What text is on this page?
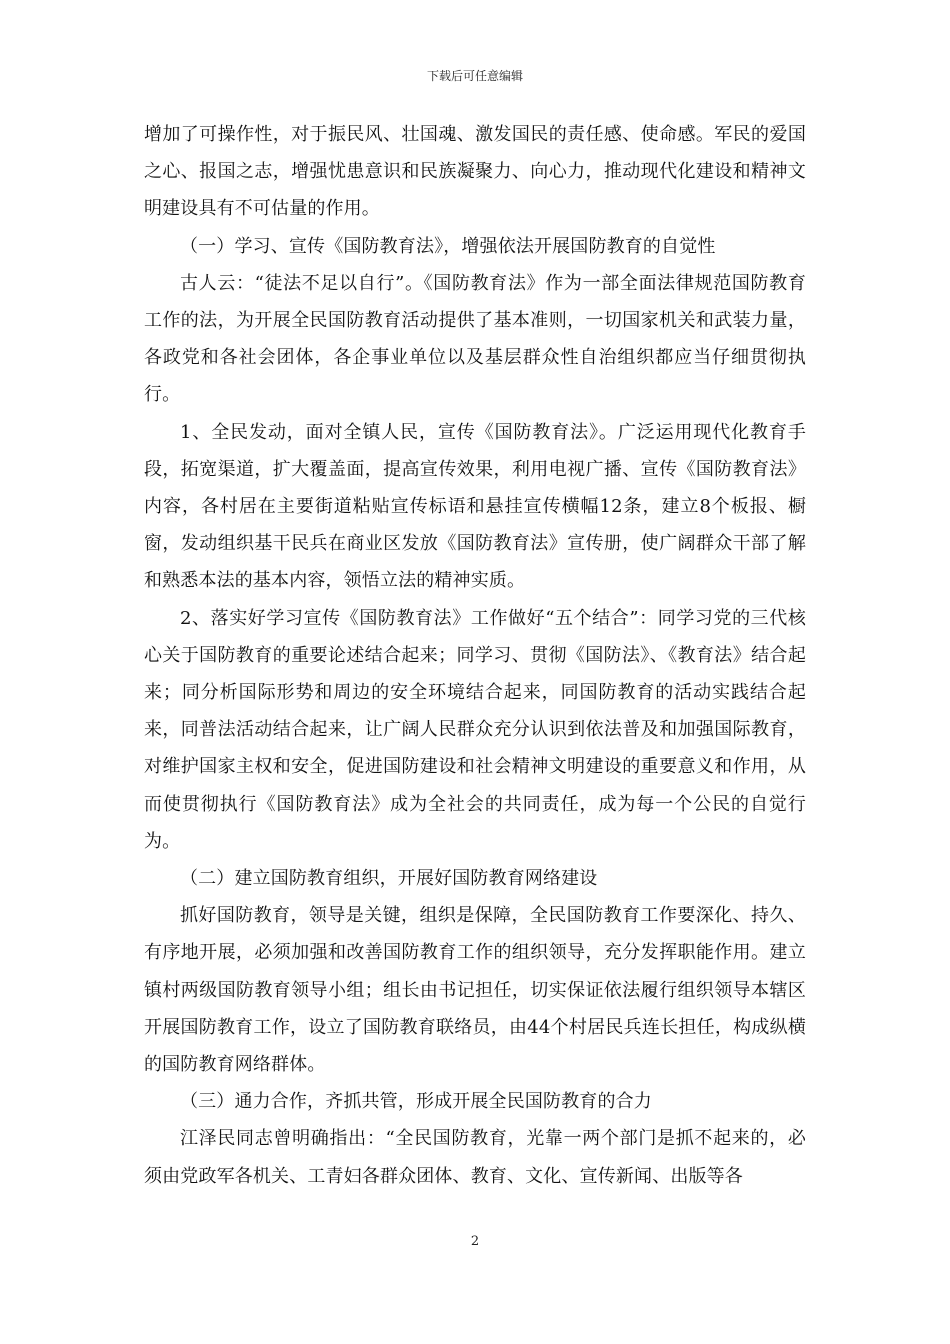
下载后可任意编辑

增加了可操作性，对于振民风、壮国魂、激发国民的责任感、使命感。军民的爱国之心、报国之志，增强忧患意识和民族凝聚力、向心力，推动现代化建设和精神文明建设具有不可估量的作用。

（一）学习、宣传《国防教育法》，增强依法开展国防教育的自觉性

古人云：“徒法不足以自行”。《国防教育法》作为一部全面法律规范国防教育工作的法，为开展全民国防教育活动提供了基本准则，一切国家机关和武装力量，各政党和各社会团体，各企事业单位以及基层群众性自治组织都应当仔细贯彻执行。

1、全民发动，面对全镇人民，宣传《国防教育法》。广泛运用现代化教育手段，拓宽渠道，扩大覆盖面，提高宣传效果，利用电视广播、宣传《国防教育法》内容，各村居在主要街道粘贴宣传标语和悬挂宣传横幅12条，建立8个板报、橱窗，发动组织基干民兵在商业区发放《国防教育法》宣传册，使广阔群众干部了解和熟悉本法的基本内容，领悟立法的精神实质。

2、落实好学习宣传《国防教育法》工作做好“五个结合”：同学习党的三代核心关于国防教育的重要论述结合起来；同学习、贯彻《国防法》、《教育法》结合起来；同分析国际形势和周边的安全环境结合起来，同国防教育的活动实践结合起来，同普法活动结合起来，让广阔人民群众充分认识到依法普及和加强国际教育，对维护国家主权和安全，促进国防建设和社会精神文明建设的重要意义和作用，从而使贯彻执行《国防教育法》成为全社会的共同责任，成为每一个公民的自觉行为。

（二）建立国防教育组织，开展好国防教育网络建设

抓好国防教育，领导是关键，组织是保障，全民国防教育工作要深化、持久、有序地开展，必须加强和改善国防教育工作的组织领导，充分发挥职能作用。建立镇村两级国防教育领导小组；组长由书记担任，切实保证依法履行组织领导本辖区开展国防教育工作，设立了国防教育联络员，由44个村居民兵连长担任，构成纵横的国防教育网络群体。

（三）通力合作，齐抓共管，形成开展全民国防教育的合力

江泽民同志曾明确指出：“全民国防教育，光靠一两个部门是抓不起来的，必须由党政军各机关、工青妇各群众团体、教育、文化、宣传新闻、出版等各

2
